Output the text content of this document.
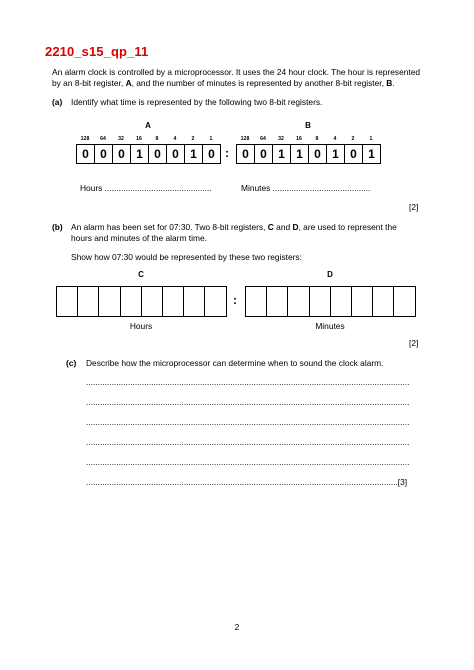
2210_s15_qp_11
An alarm clock is controlled by a microprocessor. It uses the 24 hour clock. The hour is represented
by an 8-bit register, A, and the number of minutes is represented by another 8-bit register, B.
(a) Identify what time is represented by the following two 8-bit registers.
A	B
128	64	32	16	8	4	2	1	128	64	32	16	8	4	2	1
0 0 0 1 0 0 1 0 :	0 0 1 1 0 1 0 1
Hours ..............................................	Minutes ..........................................
[2]
(b) An alarm has been set for 07:30. Two 8-bit registers, C and D, are used to represent the
hours and minutes of the alarm time.
Show how 07:30 would be represented by these two registers:
C	D
:
Hours	Minutes
[2]
(c) Describe how the microprocessor can determine when to sound the clock alarm.
...........................................................................................................................................
...........................................................................................................................................
...........................................................................................................................................
...........................................................................................................................................
...........................................................................................................................................
......................................................................................................................................[3]
2
